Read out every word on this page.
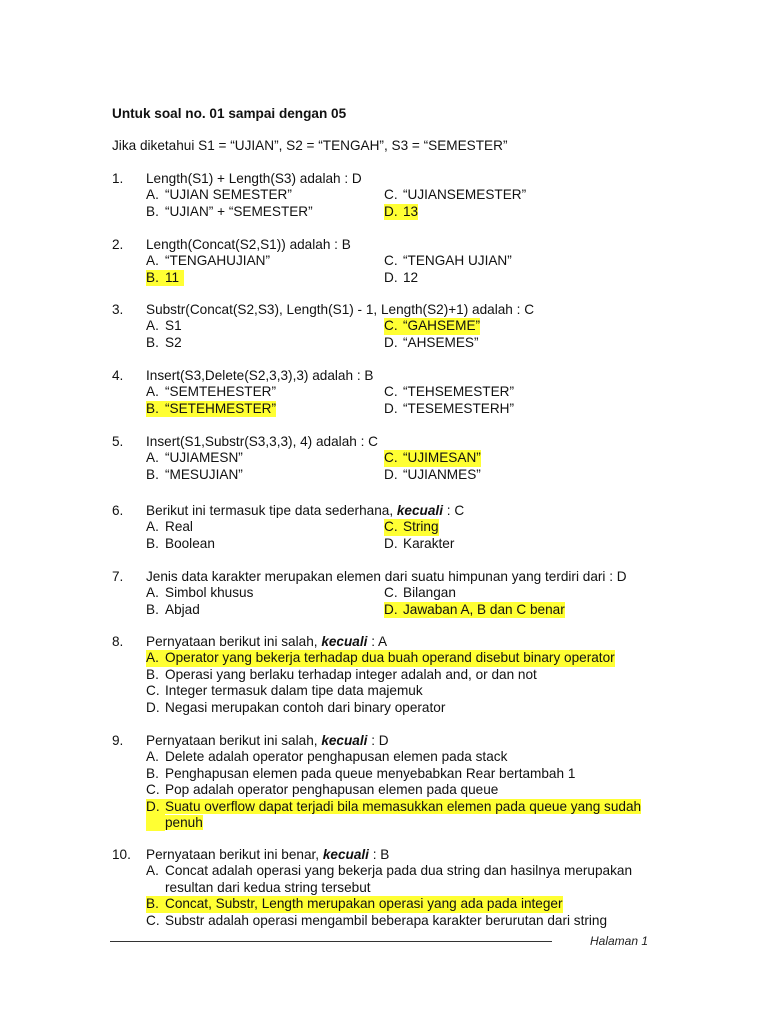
Untuk soal no. 01 sampai dengan 05
Jika diketahui S1 = “UJIAN”, S2 = “TENGAH”, S3 = “SEMESTER”
1.	Length(S1) + Length(S3) adalah : D
A. “UJIAN SEMESTER”	C. “UJIANSEMESTER”
B. “UJIAN” + “SEMESTER”	D. 13
2.	Length(Concat(S2,S1)) adalah : B
A. “TENGAHUJIAN”	C. “TENGAH UJIAN”
B. 11	D. 12
3.	Substr(Concat(S2,S3), Length(S1) - 1, Length(S2)+1) adalah : C
A. S1	C. “GAHSEME”
B. S2	D. “AHSEMES”
4.	Insert(S3,Delete(S2,3,3),3) adalah : B
A. “SEMTEHESTER”	C. “TEHSEMESTER”
B. “SETEHMESTER”	D. “TESEMESTERH”
5.	Insert(S1,Substr(S3,3,3), 4) adalah : C
A. “UJIAMESN”	C. “UJIMESAN”
B. “MESUJIAN”	D. “UJIANMES”
6.	Berikut ini termasuk tipe data sederhana, kecuali : C
A. Real	C. String
B. Boolean	D. Karakter
7.	Jenis data karakter merupakan elemen dari suatu himpunan yang terdiri dari : D
A. Simbol khusus	C. Bilangan
B. Abjad	D. Jawaban A, B dan C benar
8.	Pernyataan berikut ini salah, kecuali : A
A. Operator yang bekerja terhadap dua buah operand disebut binary operator
B. Operasi yang berlaku terhadap integer adalah and, or dan not
C. Integer termasuk dalam tipe data majemuk
D. Negasi merupakan contoh dari binary operator
9.	Pernyataan berikut ini salah, kecuali : D
A. Delete adalah operator penghapusan elemen pada stack
B. Penghapusan elemen pada queue menyebabkan Rear bertambah 1
C. Pop adalah operator penghapusan elemen pada queue
D. Suatu overflow dapat terjadi bila memasukkan elemen pada queue yang sudah penuh
10.	Pernyataan berikut ini benar, kecuali : B
A. Concat adalah operasi yang bekerja pada dua string dan hasilnya merupakan resultan dari kedua string tersebut
B. Concat, Substr, Length merupakan operasi yang ada pada integer
C. Substr adalah operasi mengambil beberapa karakter berurutan dari string
Halaman 1
